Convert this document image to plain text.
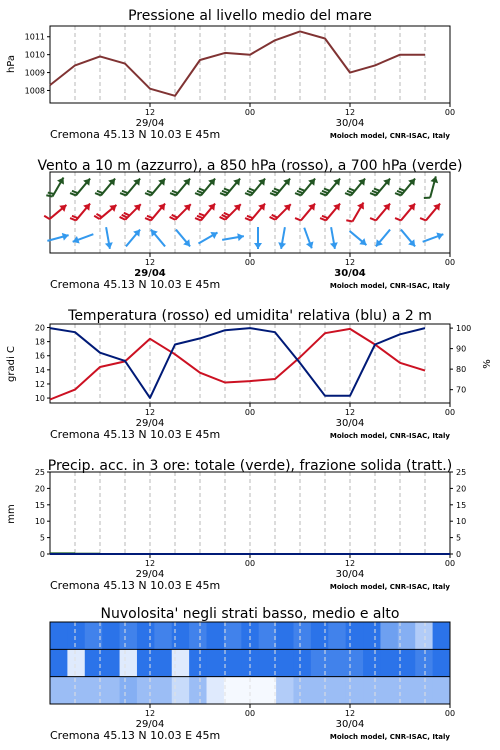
Pressione al livello medio del mare
12	00	12	00
29/04	30/04
Cremona 45.13 N 10.03 E 45m	Moloch model, CNR-ISAC, Italy
1008
1009
1010
1011
hPa
Vento a 10 m (azzurro), a 850 hPa (rosso), a 700 hPa (verde)
12	00	12	00
29/04	30/04
Cremona 45.13 N 10.03 E 45m	Moloch model, CNR-ISAC, Italy
Temperatura (rosso) ed umidita' relativa (blu) a 2 m
12	00	12	00
29/04	30/04
Cremona 45.13 N 10.03 E 45m	Moloch model, CNR-ISAC, Italy
10
12
14
16
18
20
70
80
90
100
gradi C	%
Precip. acc. in 3 ore: totale (verde), frazione solida (tratt.)
12	00	12	00
29/04	30/04
Cremona 45.13 N 10.03 E 45m	Moloch model, CNR-ISAC, Italy
0
5
10
15
20
25
0
5
10
15
20
25
mm
Nuvolosita' negli strati basso, medio e alto
12	00	12	00
29/04	30/04
Cremona 45.13 N 10.03 E 45m	Moloch model, CNR-ISAC, Italy
